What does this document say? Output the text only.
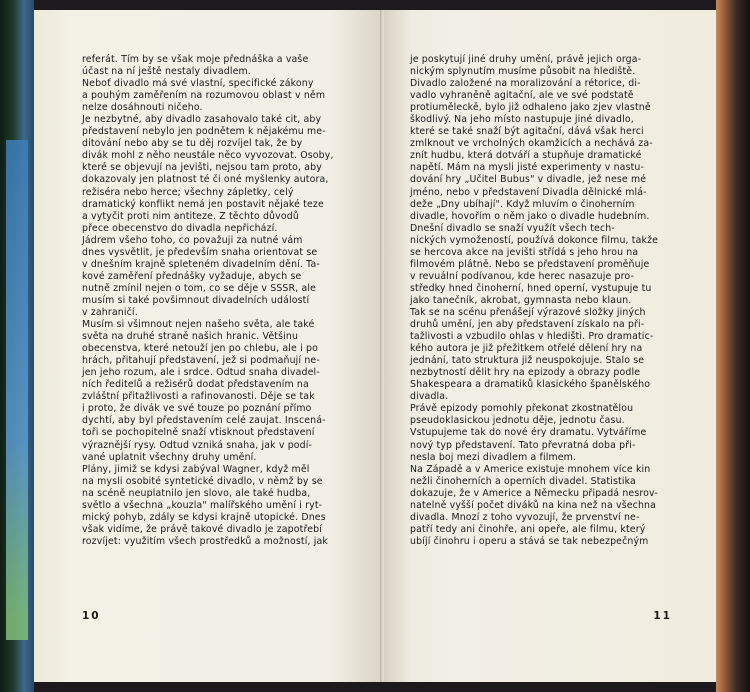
referát. Tím by se však moje přednáška a vaše
účast na ní ještě nestaly divadlem.
Neboť divadlo má své vlastní, specifické zákony
a pouhým zaměřením na rozumovou oblast v něm
nelze dosáhnouti ničeho.
Je nezbytné, aby divadlo zasahovalo také cit, aby
představení nebylo jen podnětem k nějakému me-
ditování nebo aby se tu děj rozvíjel tak, že by
divák mohl z něho neustále něco vyvozovat. Osoby,
které se objevují na jevišti, nejsou tam proto, aby
dokazovaly jen platnost té či oné myšlenky autora,
režiséra nebo herce; všechny zápletky, celý
dramatický konflikt nemá jen postavit nějaké teze
a vytyčit proti nim antiteze. Z těchto důvodů
přece obecenstvo do divadla nepřichází.
Jádrem všeho toho, co považuji za nutné vám
dnes vysvětlit, je především snaha orientovat se
v dnešním krajně spleteném divadelním dění. Ta-
kové zaměření přednášky vyžaduje, abych se
nutně zmínil nejen o tom, co se děje v SSSR, ale
musím si také povšimnout divadelních událostí
v zahraničí.
Musím si všimnout nejen našeho světa, ale také
světa na druhé straně našich hranic. Většinu
obecenstva, které netouží jen po chlebu, ale i po
hrách, přitahují představení, jež si podmaňují ne-
jen jeho rozum, ale i srdce. Odtud snaha divadel-
ních ředitelů a režisérů dodat představením na
zvláštní přitažlivosti a rafinovanosti. Děje se tak
i proto, že divák ve své touze po poznání přímo
dychtí, aby byl představením celé zaujat. Inscená-
toři se pochopitelně snaží vtisknout představení
výraznější rysy. Odtud vzniká snaha, jak v podí-
vané uplatnit všechny druhy umění.
Plány, jimiž se kdysi zabýval Wagner, když měl
na mysli osobité syntetické divadlo, v němž by se
na scéně neuplatnilo jen slovo, ale také hudba,
světlo a všechna „kouzla" malířského umění i ryt-
mický pohyb, zdály se kdysi krajně utopické. Dnes
však vidíme, že právě takové divadlo je zapotřebí
rozvíjet: využitím všech prostředků a možností, jak
10
je poskytují jiné druhy umění, právě jejich orga-
nickým splynutím musíme působit na hlediště.
Divadlo založené na moralizování a rétorice, di-
vadlo vyhraněně agitační, ale ve své podstatě
protiuměleckě, bylo již odhaleno jako zjev vlastně
škodlivý. Na jeho místo nastupuje jiné divadlo,
které se také snaží být agitační, dává však herci
zmlknout ve vrcholných okamžicích a nechává za-
znít hudbu, která dotváří a stupňuje dramatické
napětí. Mám na mysli jisté experimenty v nastu-
dování hry „Učitel Bubus" v divadle, jež nese mé
jméno, nebo v představení Divadla dělnické mlá-
deže „Dny ubíhají". Když mluvím o činoherním
divadle, hovořím o něm jako o divadle hudebním.
Dnešní divadlo se snaží využít všech tech-
nických vymožeností, používá dokonce filmu, takže
se hercova akce na jevišti střídá s jeho hrou na
filmovém plátně. Nebo se představení proměňuje
v revuální podívanou, kde herec nasazuje pro-
středky hned činoherní, hned operní, vystupuje tu
jako tanečník, akrobat, gymnasta nebo klaun.
Tak se na scénu přenášejí výrazové složky jiných
druhů umění, jen aby představení získalo na při-
tažlivosti a vzbudilo ohlas v hledišti. Pro dramatic-
kého autora je již přežitkem otřelé dělení hry na
jednání, tato struktura již neuspokojuje. Stalo se
nezbytností dělit hry na epizody a obrazy podle
Shakespeara a dramatiků klasického španělského
divadla.
Právě epizody pomohly překonat zkostnatělou
pseudoklasickou jednotu děje, jednotu času.
Vstupujeme tak do nové éry dramatu. Vytváříme
nový typ představení. Tato převratná doba při-
nesla boj mezi divadlem a filmem.
Na Západě a v Americe existuje mnohem více kin
nežli činoherních a operních divadel. Statistika
dokazuje, že v Americe a Německu připadá nesrov-
natelně vyšší počet diváků na kina než na všechna
divadla. Mnozí z toho vyvozují, že prvenství ne-
patří tedy ani činohře, ani opeře, ale filmu, který
ubíjí činohru i operu a stává se tak nebezpečným
11
